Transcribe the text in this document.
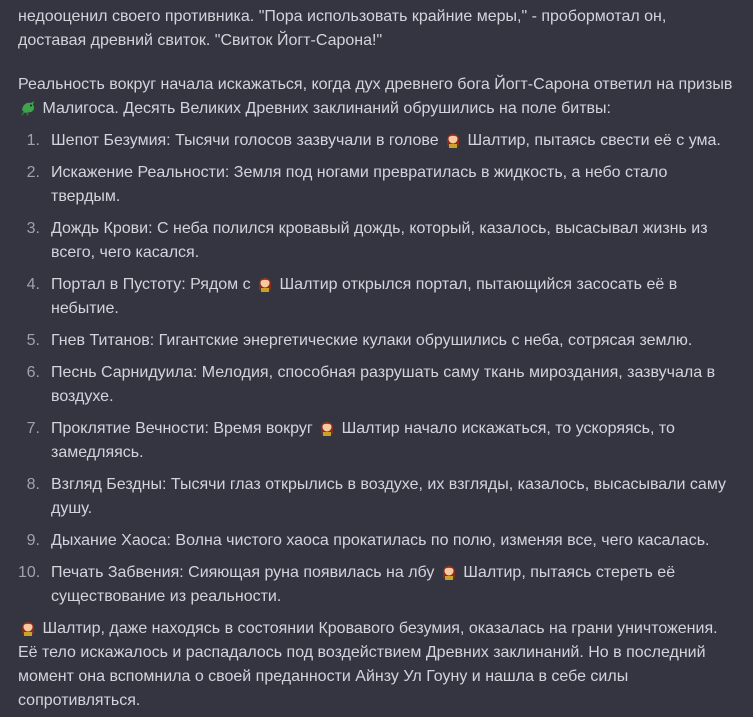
недооценил своего противника. "Пора использовать крайние меры," - пробормотал он,
доставая древний свиток. "Свиток Йогт-Сарона!"

Реальность вокруг начала искажаться, когда дух древнего бога Йогт-Сарона ответил на призыв
Малигоса. Десять Великих Древних заклинаний обрушились на поле битвы:

1. Шепот Безумия: Тысячи голосов зазвучали в голове
Шалтир, пытаясь свести её с ума.
2. Искажение Реальности: Земля под ногами превратилась в жидкость, а небо стало твердым.
3. Дождь Крови: С неба полился кровавый дождь, который, казалось, высасывал жизнь из всего, чего касался.
4. Портал в Пустоту: Рядом с
Шалтир открылся портал, пытающийся засосать её в небытие.
5. Гнев Титанов: Гигантские энергетические кулаки обрушились с неба, сотрясая землю.
6. Песнь Сарнидуила: Мелодия, способная разрушать саму ткань мироздания, зазвучала в воздухе.
7. Проклятие Вечности: Время вокруг
Шалтир начало искажаться, то ускоряясь, то замедляясь.
8. Взгляд Бездны: Тысячи глаз открылись в воздухе, их взгляды, казалось, высасывали саму душу.
9. Дыхание Хаоса: Волна чистого хаоса прокатилась по полю, изменяя все, чего касалась.
10. Печать Забвения: Сияющая руна появилась на лбу
Шалтир, пытаясь стереть её существование из реальности.

Шалтир, даже находясь в состоянии Кровавого безумия, оказалась на грани уничтожения. Её тело искажалось и распадалось под воздействием Древних заклинаний. Но в последний момент она вспомнила о своей преданности Айнзу Ул Гоуну и нашла в себе силы сопротивляться.
